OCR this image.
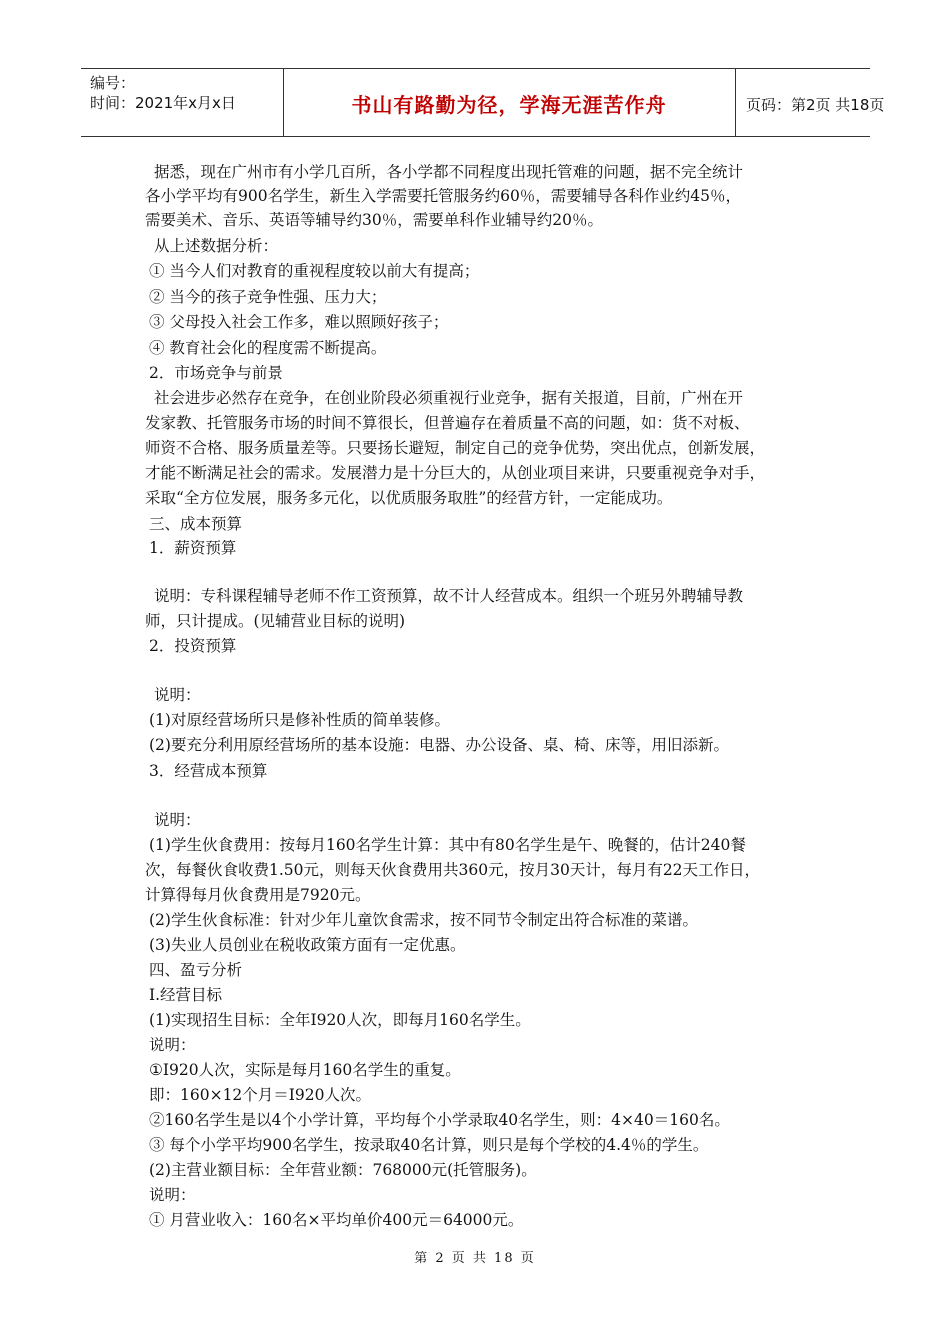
编号：
时间：2021年x月x日	书山有路勤为径，学海无涯苦作舟	页码：第2页 共18页
据悉，现在广州市有小学几百所，各小学都不同程度出现托管难的问题，据不完全统计
各小学平均有900名学生，新生入学需要托管服务约60％，需要辅导各科作业约45％，
需要美术、音乐、英语等辅导约30％，需要单科作业辅导约20％。
从上述数据分析：
① 当今人们对教育的重视程度较以前大有提高；
② 当今的孩子竞争性强、压力大；
③ 父母投入社会工作多，难以照顾好孩子；
④ 教育社会化的程度需不断提高。
2．市场竞争与前景
社会进步必然存在竞争，在创业阶段必须重视行业竞争，据有关报道，目前，广州在开
发家教、托管服务市场的时间不算很长，但普遍存在着质量不高的问题，如：货不对板、
师资不合格、服务质量差等。只要扬长避短，制定自己的竞争优势，突出优点，创新发展，
才能不断满足社会的需求。发展潜力是十分巨大的，从创业项目来讲，只要重视竞争对手，
采取“全方位发展，服务多元化，以优质服务取胜”的经营方针，一定能成功。
三、成本预算
1．薪资预算
说明：专科课程辅导老师不作工资预算，故不计人经营成本。组织一个班另外聘辅导教
师，只计提成。(见辅营业目标的说明)
2．投资预算
说明：
(1)对原经营场所只是修补性质的简单装修。
(2)要充分利用原经营场所的基本设施：电器、办公设备、桌、椅、床等，用旧添新。
3．经营成本预算
说明：
(1)学生伙食费用：按每月160名学生计算：其中有80名学生是午、晚餐的，估计240餐
次，每餐伙食收费1.50元，则每天伙食费用共360元，按月30天计，每月有22天工作日，
计算得每月伙食费用是7920元。
(2)学生伙食标准：针对少年儿童饮食需求，按不同节令制定出符合标准的菜谱。
(3)失业人员创业在税收政策方面有一定优惠。
四、盈亏分析
I.经营目标
(1)实现招生目标：全年I920人次，即每月160名学生。
说明：
①I920人次，实际是每月160名学生的重复。
即：160×12个月＝I920人次。
②160名学生是以4个小学计算，平均每个小学录取40名学生，则：4×40＝160名。
③ 每个小学平均900名学生，按录取40名计算，则只是每个学校的4.4％的学生。
(2)主营业额目标：全年营业额：768000元(托管服务)。
说明：
① 月营业收入：160名×平均单价400元＝64000元。
第 2 页 共 18 页
